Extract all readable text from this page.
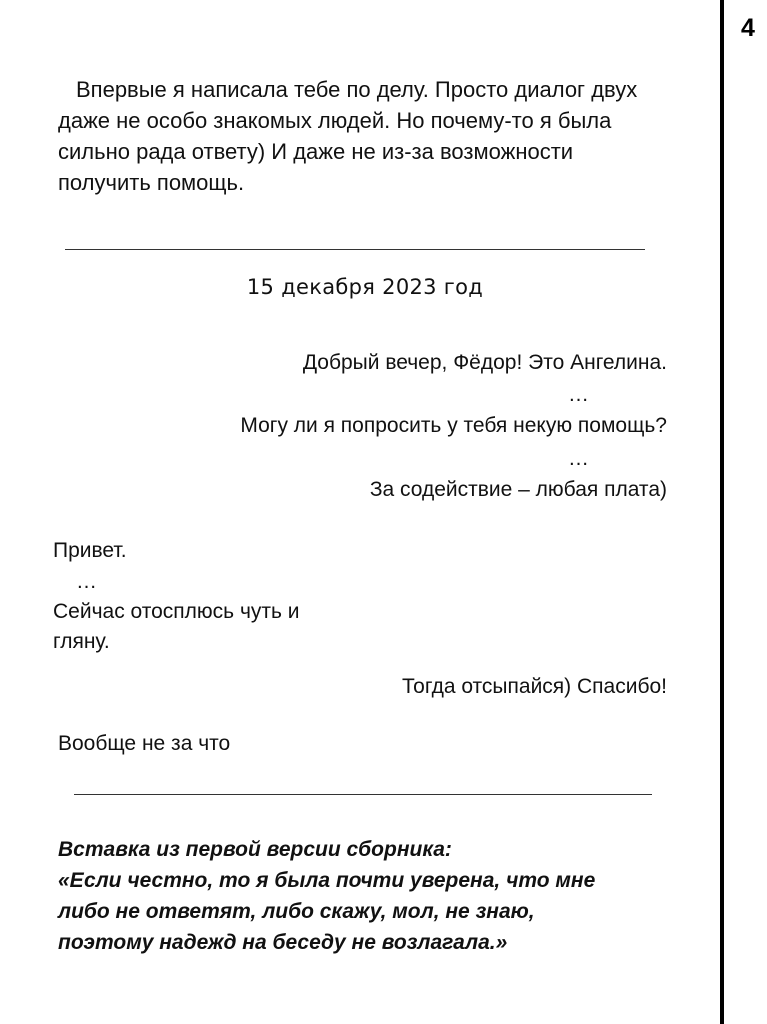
4

Впервые я написала тебе по делу. Просто диалог двух
даже не особо знакомых людей. Но почему-то я была
сильно рада ответу) И даже не из-за возможности
получить помощь.

15 декабря 2023 год

Добрый вечер, Фёдор! Это Ангелина.

…

Могу ли я попросить у тебя некую помощь?

…

За содействие – любая плата)

Привет.

…

Сейчас отосплюсь чуть и

гляну.

Тогда отсыпайся) Спасибо!

Вообще не за что

Вставка из первой версии сборника:
«Если честно, то я была почти уверена, что мне
либо не ответят, либо скажу, мол, не знаю,
поэтому надежд на беседу не возлагала.»
